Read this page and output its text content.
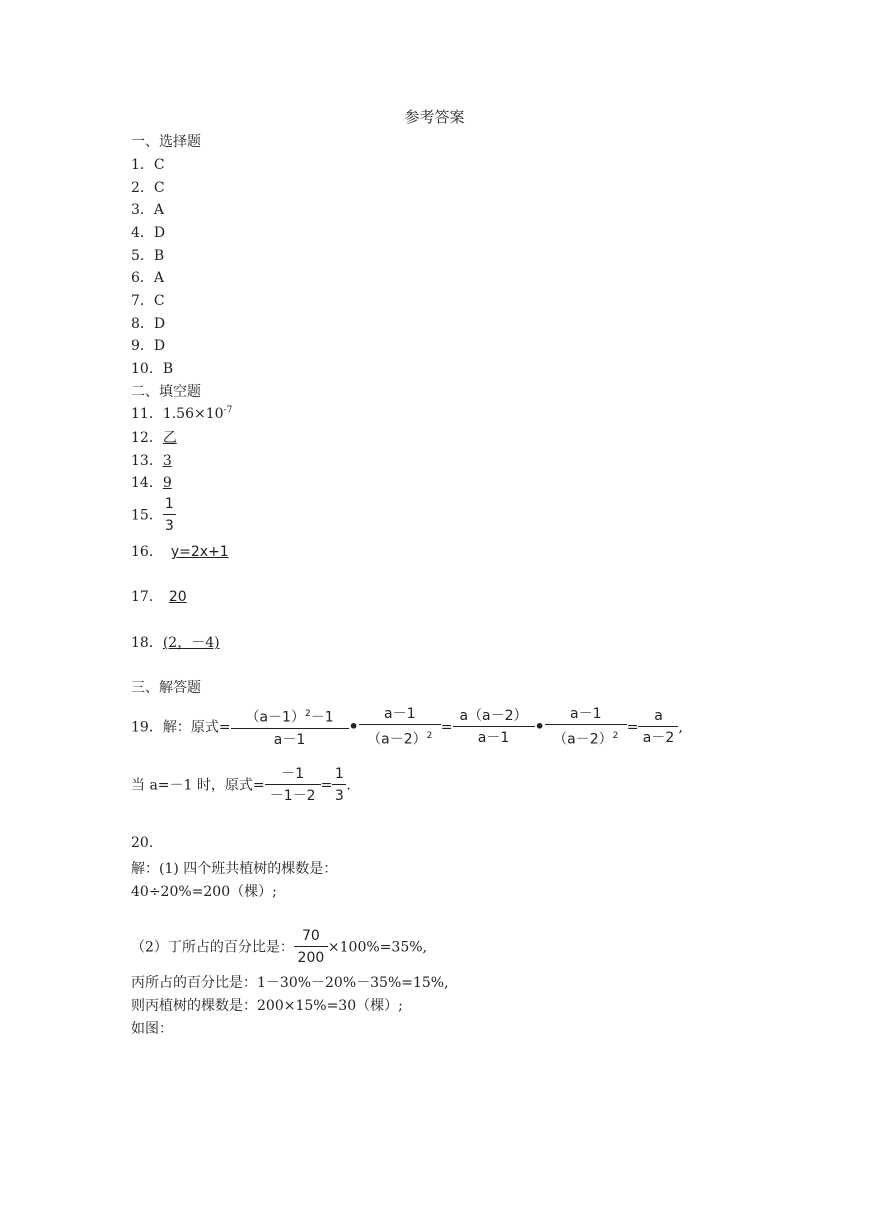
参考答案
一、选择题
1．C
2．C
3．A
4．D
5．B
6．A
7．C
8．D
9．D
10．B
二、填空题
11．$1.56\times 10^{-7}$
12．乙
13．3
14．9
15． $\frac{1}{3}$
16． y=2x+1
17． 20
18．(2，－4)
三、解答题
19．解：原式= $\frac{(a-1)^2-1}{a-1}$ • $\frac{a-1}{(a-2)^2} = \frac{a(a-2)}{a-1}$ • $\frac{a-1}{(a-2)^2} = \frac{a}{a-2}$ ,
当 a=－1 时，原式= $\frac{-1}{-1-2} = \frac{1}{3}$ .
20.
解：(1) 四个班共植树的棵数是：
40÷20%=200（棵）;
（2）丁所占的百分比是： $\frac{70}{200} \times 100\%=35\%$,
丙所占的百分比是：1－30%－20%－35%=15%,
则丙植树的棵数是：200×15%=30（棵）;
如图：
